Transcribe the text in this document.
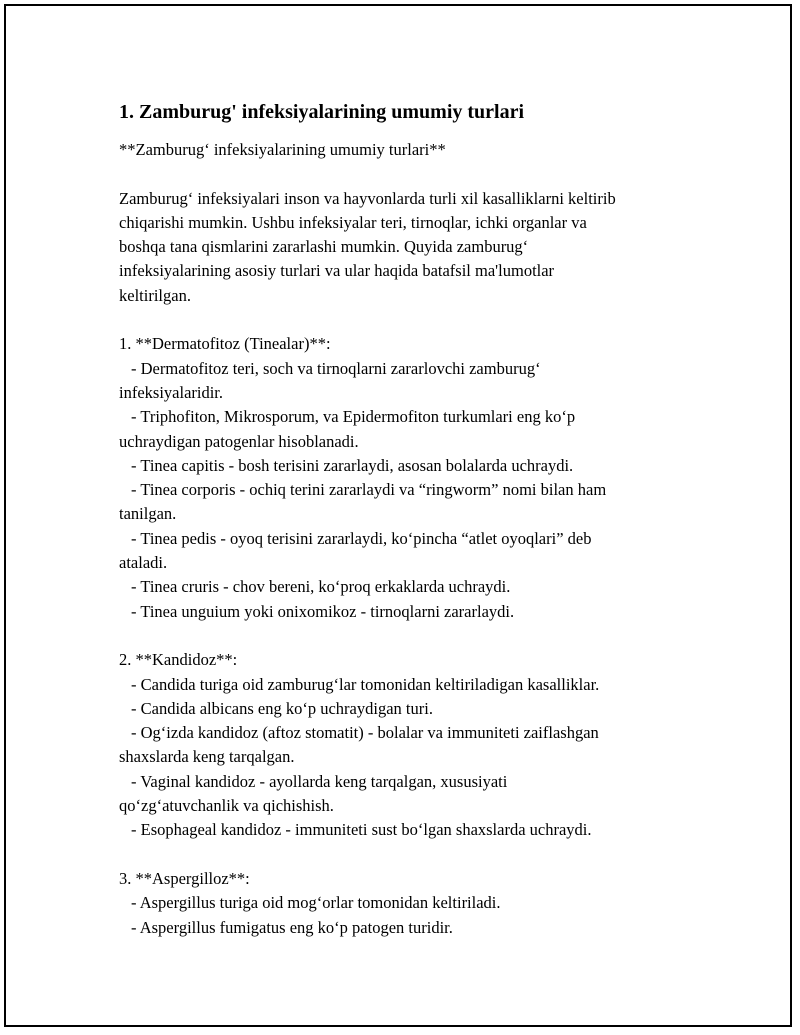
1. Zamburug' infeksiyalarining umumiy turlari
**Zamburug‘ infeksiyalarining umumiy turlari**
Zamburug‘ infeksiyalari inson va hayvonlarda turli xil kasalliklarni keltirib
chiqarishi mumkin. Ushbu infeksiyalar teri, tirnoqlar, ichki organlar va
boshqa tana qismlarini zararlashi mumkin. Quyida zamburug‘
infeksiyalarining asosiy turlari va ular haqida batafsil ma'lumotlar
keltirilgan.
1. **Dermatofitoz (Tinealar)**:
- Dermatofitoz teri, soch va tirnoqlarni zararlovchi zamburug‘
infeksiyalaridir.
- Triphofiton, Mikrosporum, va Epidermofiton turkumlari eng ko‘p
uchraydigan patogenlar hisoblanadi.
- Tinea capitis - bosh terisini zararlaydi, asosan bolalarda uchraydi.
- Tinea corporis - ochiq terini zararlaydi va “ringworm” nomi bilan ham
tanilgan.
- Tinea pedis - oyoq terisini zararlaydi, ko‘pincha “atlet oyoqlari” deb
ataladi.
- Tinea cruris - chov bereni, ko‘proq erkaklarda uchraydi.
- Tinea unguium yoki onixomikoz - tirnoqlarni zararlaydi.
2. **Kandidoz**:
- Candida turiga oid zamburug‘lar tomonidan keltiriladigan kasalliklar.
- Candida albicans eng ko‘p uchraydigan turi.
- Og‘izda kandidoz (aftoz stomatit) - bolalar va immuniteti zaiflashgan
shaxslarda keng tarqalgan.
- Vaginal kandidoz - ayollarda keng tarqalgan, xususiyati
qo‘zg‘atuvchanlik va qichishish.
- Esophageal kandidoz - immuniteti sust bo‘lgan shaxslarda uchraydi.
3. **Aspergilloz**:
- Aspergillus turiga oid mog‘orlar tomonidan keltiriladi.
- Aspergillus fumigatus eng ko‘p patogen turidir.
